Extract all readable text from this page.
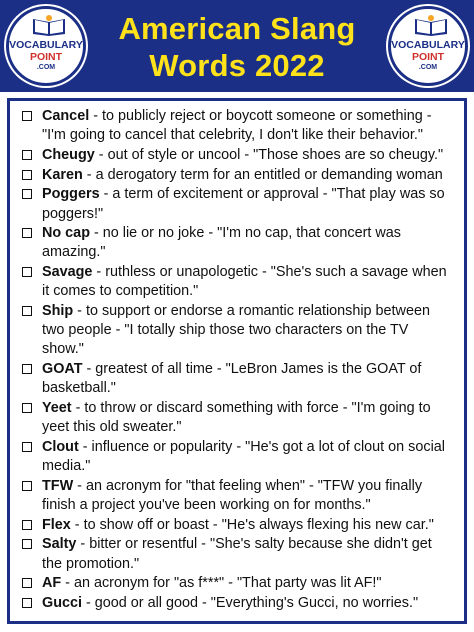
VOCABULARY
POINT
.COM
American Slang
Words 2022
VOCABULARY
POINT
.COM
Cancel - to publicly reject or boycott someone or something - "I'm going to cancel that celebrity, I don't like their behavior."
Cheugy - out of style or uncool - "Those shoes are so cheugy."
Karen - a derogatory term for an entitled or demanding woman
Poggers - a term of excitement or approval - "That play was so poggers!"
No cap - no lie or no joke - "I'm no cap, that concert was amazing."
Savage - ruthless or unapologetic - "She's such a savage when it comes to competition."
Ship - to support or endorse a romantic relationship between two people - "I totally ship those two characters on the TV show."
GOAT - greatest of all time - "LeBron James is the GOAT of basketball."
Yeet - to throw or discard something with force - "I'm going to yeet this old sweater."
Clout - influence or popularity - "He's got a lot of clout on social media."
TFW - an acronym for "that feeling when" - "TFW you finally finish a project you've been working on for months."
Flex - to show off or boast - "He's always flexing his new car."
Salty - bitter or resentful - "She's salty because she didn't get the promotion."
AF - an acronym for "as f***" - "That party was lit AF!"
Gucci - good or all good - "Everything's Gucci, no worries."
